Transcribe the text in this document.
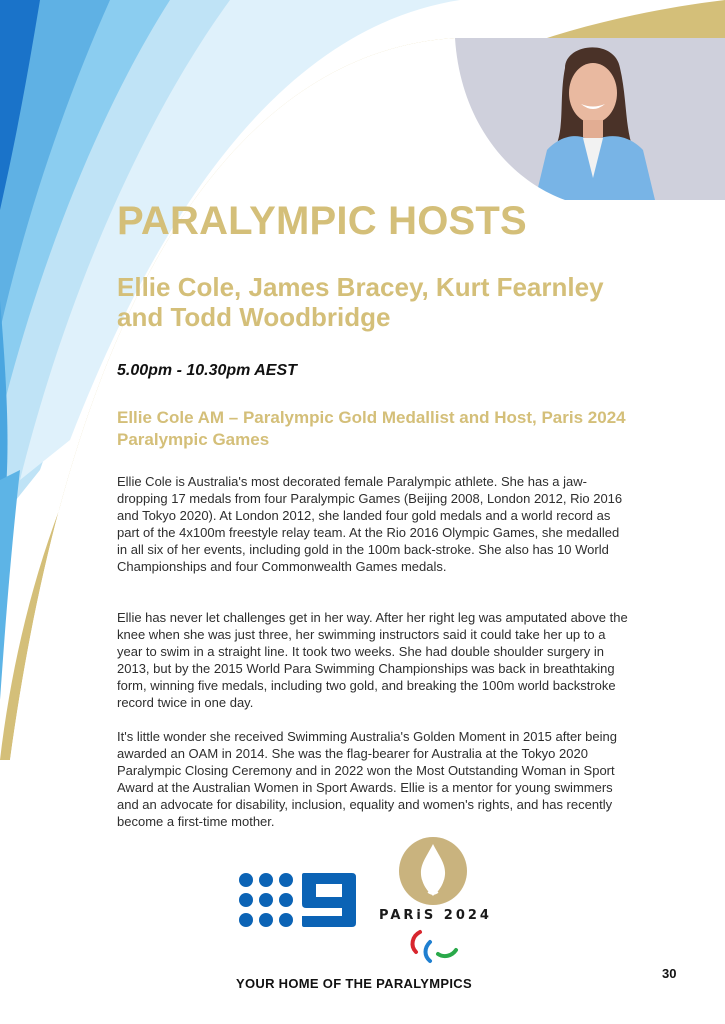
PARALYMPIC HOSTS
Ellie Cole, James Bracey, Kurt Fearnley and Todd Woodbridge
5.00pm - 10.30pm AEST
Ellie Cole AM – Paralympic Gold Medallist and Host, Paris 2024 Paralympic Games

Ellie Cole is Australia's most decorated female Paralympic athlete. She has a jaw-dropping 17 medals from four Paralympic Games (Beijing 2008, London 2012, Rio 2016 and Tokyo 2020). At London 2012, she landed four gold medals and a world record as part of the 4x100m freestyle relay team. At the Rio 2016 Olympic Games, she medalled in all six of her events, including gold in the 100m back-stroke. She also has 10 World Championships and four Commonwealth Games medals.

Ellie has never let challenges get in her way. After her right leg was amputated above the knee when she was just three, her swimming instructors said it could take her up to a year to swim in a straight line. It took two weeks. She had double shoulder surgery in 2013, but by the 2015 World Para Swimming Championships was back in breathtaking form, winning five medals, including two gold, and breaking the 100m world backstroke record twice in one day.

It's little wonder she received Swimming Australia's Golden Moment in 2015 after being awarded an OAM in 2014. She was the flag-bearer for Australia at the Tokyo 2020 Paralympic Closing Ceremony and in 2022 won the Most Outstanding Woman in Sport Award at the Australian Women in Sport Awards. Ellie is a mentor for young swimmers and an advocate for disability, inclusion, equality and women's rights, and has recently become a first-time mother.

PARiS 2024
YOUR HOME OF THE PARALYMPICS
30
